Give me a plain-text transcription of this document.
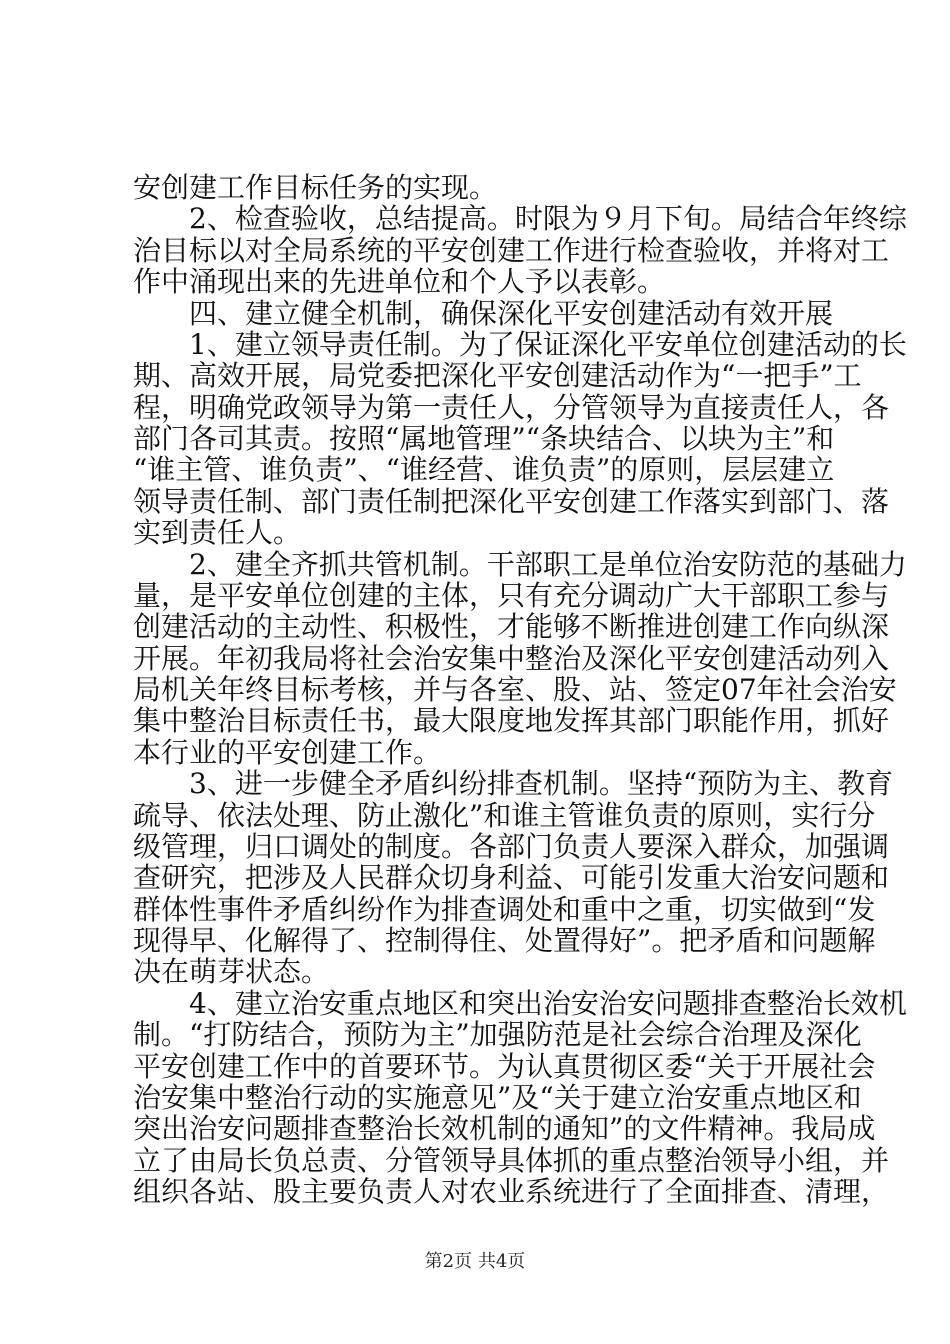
安创建工作目标任务的实现。
　　2、检查验收，总结提高。时限为９月下旬。局结合年终综
治目标以对全局系统的平安创建工作进行检查验收，并将对工
作中涌现出来的先进单位和个人予以表彰。
　　四、建立健全机制，确保深化平安创建活动有效开展
　　1、建立领导责任制。为了保证深化平安单位创建活动的长
期、高效开展，局党委把深化平安创建活动作为“一把手”工
程，明确党政领导为第一责任人，分管领导为直接责任人，各
部门各司其责。按照“属地管理”“条块结合、以块为主”和
“谁主管、谁负责”、“谁经营、谁负责”的原则，层层建立
领导责任制、部门责任制把深化平安创建工作落实到部门、落
实到责任人。
　　2、建全齐抓共管机制。干部职工是单位治安防范的基础力
量，是平安单位创建的主体，只有充分调动广大干部职工参与
创建活动的主动性、积极性，才能够不断推进创建工作向纵深
开展。年初我局将社会治安集中整治及深化平安创建活动列入
局机关年终目标考核，并与各室、股、站、签定07年社会治安
集中整治目标责任书，最大限度地发挥其部门职能作用，抓好
本行业的平安创建工作。
　　3、进一步健全矛盾纠纷排查机制。坚持“预防为主、教育
疏导、依法处理、防止激化”和谁主管谁负责的原则，实行分
级管理，归口调处的制度。各部门负责人要深入群众，加强调
查研究，把涉及人民群众切身利益、可能引发重大治安问题和
群体性事件矛盾纠纷作为排查调处和重中之重，切实做到“发
现得早、化解得了、控制得住、处置得好”。把矛盾和问题解
决在萌芽状态。
　　4、建立治安重点地区和突出治安治安问题排查整治长效机
制。“打防结合，预防为主”加强防范是社会综合治理及深化
平安创建工作中的首要环节。为认真贯彻区委“关于开展社会
治安集中整治行动的实施意见”及“关于建立治安重点地区和
突出治安问题排查整治长效机制的通知”的文件精神。我局成
立了由局长负总责、分管领导具体抓的重点整治领导小组，并
组织各站、股主要负责人对农业系统进行了全面排查、清理，
第2页 共4页
